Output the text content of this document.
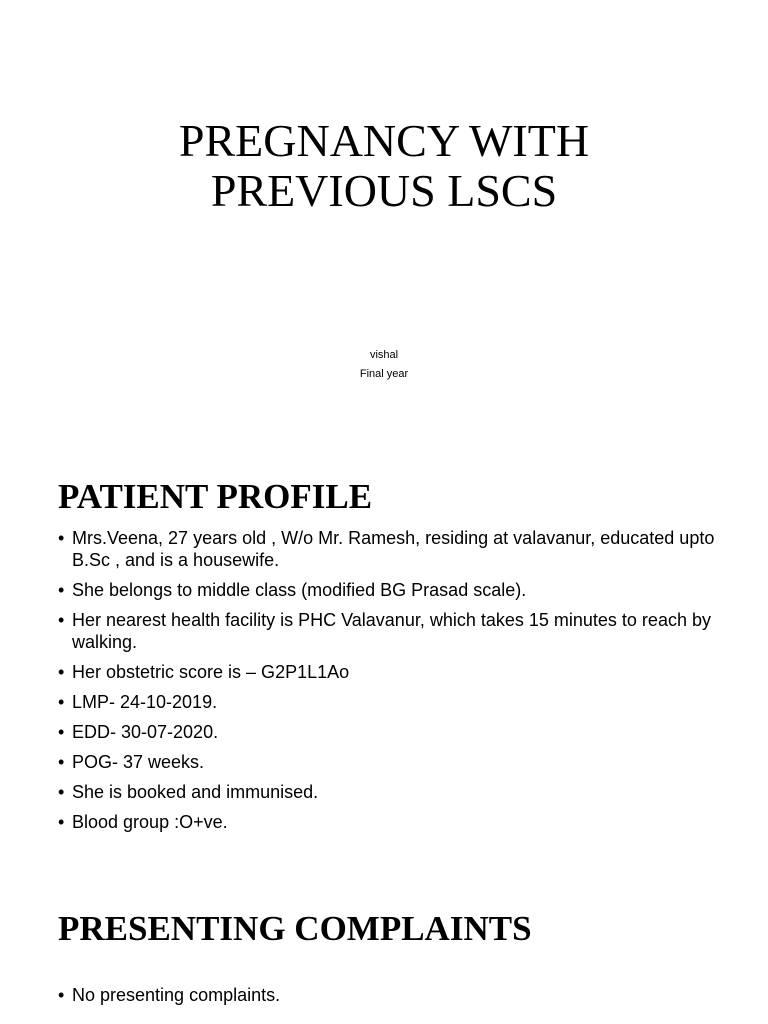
PREGNANCY WITH
PREVIOUS LSCS
vishal
Final year
PATIENT PROFILE
• Mrs.Veena, 27 years old , W/o Mr. Ramesh, residing at valavanur, educated upto B.Sc , and is a housewife.
• She belongs to middle class (modified BG Prasad scale).
• Her nearest health facility is PHC Valavanur, which takes 15 minutes to reach by walking.
• Her obstetric score is – G2P1L1Ao
• LMP- 24-10-2019.
• EDD- 30-07-2020.
• POG- 37 weeks.
• She is booked and immunised.
• Blood group :O+ve.
PRESENTING COMPLAINTS
• No presenting complaints.
